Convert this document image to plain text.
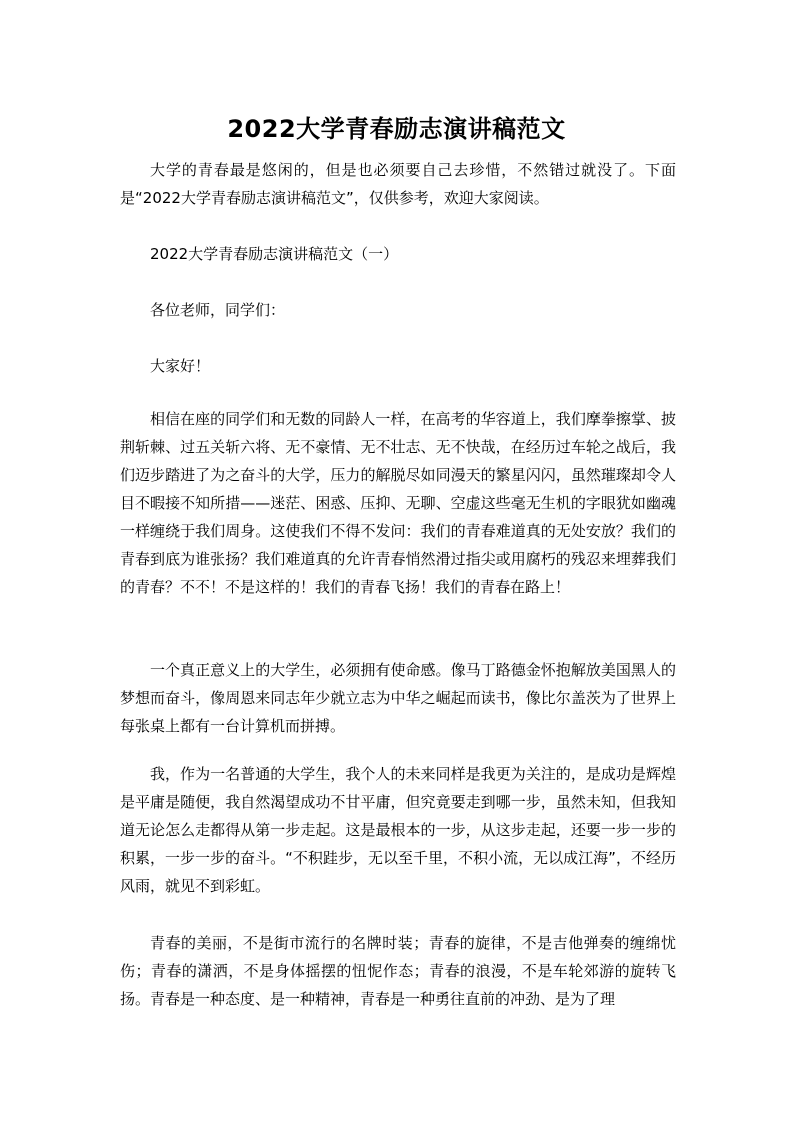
2022大学青春励志演讲稿范文

大学的青春最是悠闲的，但是也必须要自己去珍惜，不然错过就没了。下面是“2022大学青春励志演讲稿范文”，仅供参考，欢迎大家阅读。

2022大学青春励志演讲稿范文（一）

各位老师，同学们：

大家好！

相信在座的同学们和无数的同龄人一样，在高考的华容道上，我们摩拳擦掌、披荆斩棘、过五关斩六将、无不豪情、无不壮志、无不快哉，在经历过车轮之战后，我们迈步踏进了为之奋斗的大学，压力的解脱尽如同漫天的繁星闪闪，虽然璀璨却令人目不暇接不知所措——迷茫、困惑、压抑、无聊、空虚这些毫无生机的字眼犹如幽魂一样缠绕于我们周身。这使我们不得不发问：我们的青春难道真的无处安放？我们的青春到底为谁张扬？我们难道真的允许青春悄然滑过指尖或用腐朽的残忍来埋葬我们的青春？不不！不是这样的！我们的青春飞扬！我们的青春在路上！

一个真正意义上的大学生，必须拥有使命感。像马丁路德金怀抱解放美国黑人的梦想而奋斗，像周恩来同志年少就立志为中华之崛起而读书，像比尔盖茨为了世界上每张桌上都有一台计算机而拼搏。

我，作为一名普通的大学生，我个人的未来同样是我更为关注的，是成功是辉煌是平庸是随便，我自然渴望成功不甘平庸，但究竟要走到哪一步，虽然未知，但我知道无论怎么走都得从第一步走起。这是最根本的一步，从这步走起，还要一步一步的积累，一步一步的奋斗。“不积跬步，无以至千里，不积小流，无以成江海”，不经历风雨，就见不到彩虹。

青春的美丽，不是街市流行的名牌时装；青春的旋律，不是吉他弹奏的缠绵忧伤；青春的潇洒，不是身体摇摆的忸怩作态；青春的浪漫，不是车轮郊游的旋转飞扬。青春是一种态度、是一种精神，青春是一种勇往直前的冲劲、是为了理
